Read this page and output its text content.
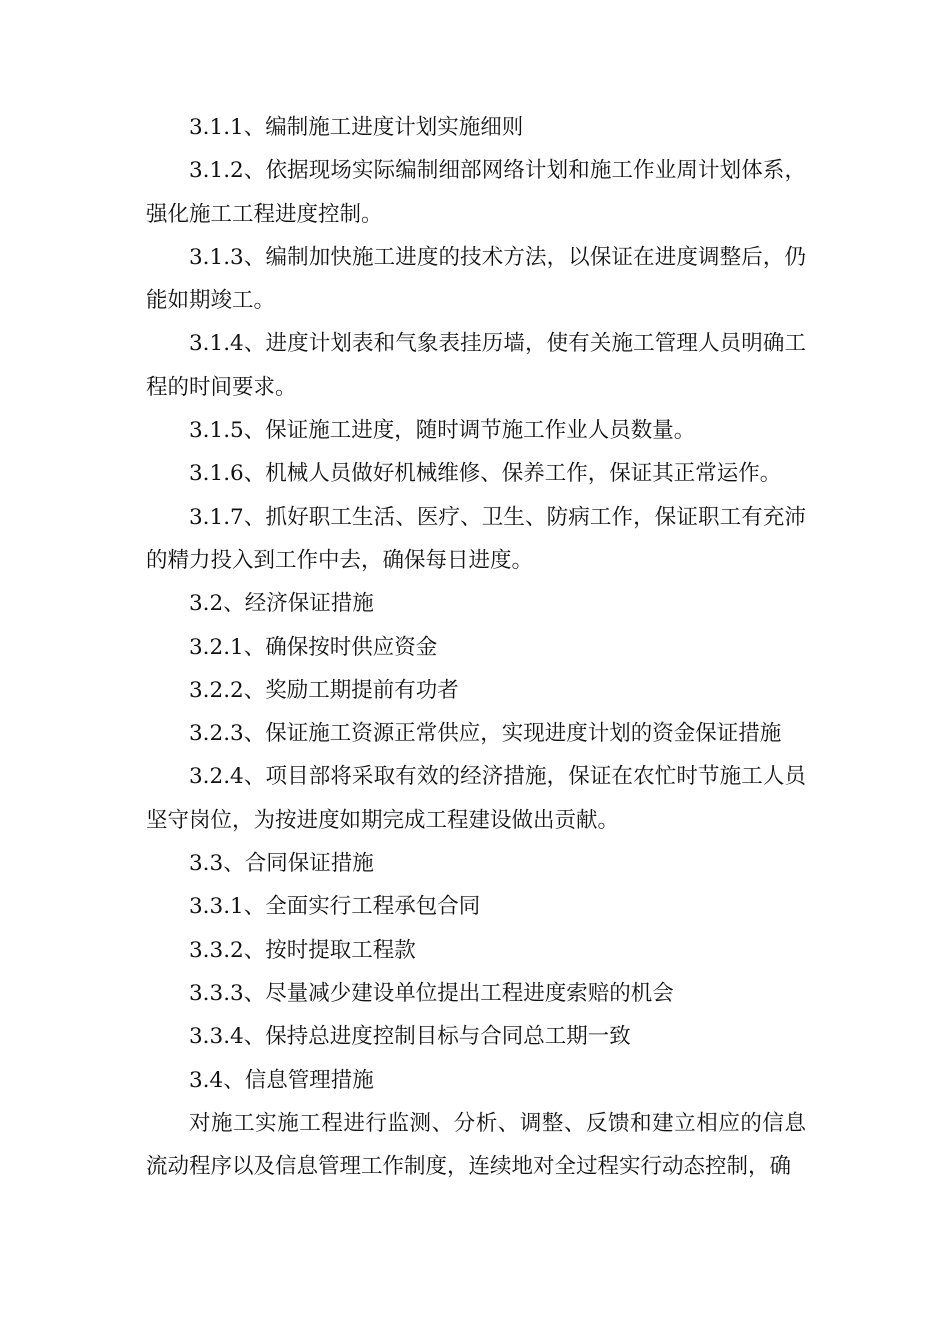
3.1.1、编制施工进度计划实施细则

3.1.2、依据现场实际编制细部网络计划和施工作业周计划体系，强化施工工程进度控制。

3.1.3、编制加快施工进度的技术方法，以保证在进度调整后，仍能如期竣工。

3.1.4、进度计划表和气象表挂历墙，使有关施工管理人员明确工程的时间要求。

3.1.5、保证施工进度，随时调节施工作业人员数量。

3.1.6、机械人员做好机械维修、保养工作，保证其正常运作。

3.1.7、抓好职工生活、医疗、卫生、防病工作，保证职工有充沛的精力投入到工作中去，确保每日进度。

3.2、经济保证措施

3.2.1、确保按时供应资金

3.2.2、奖励工期提前有功者

3.2.3、保证施工资源正常供应，实现进度计划的资金保证措施

3.2.4、项目部将采取有效的经济措施，保证在农忙时节施工人员坚守岗位，为按进度如期完成工程建设做出贡献。

3.3、合同保证措施

3.3.1、全面实行工程承包合同

3.3.2、按时提取工程款

3.3.3、尽量减少建设单位提出工程进度索赔的机会

3.3.4、保持总进度控制目标与合同总工期一致

3.4、信息管理措施

对施工实施工程进行监测、分析、调整、反馈和建立相应的信息流动程序以及信息管理工作制度，连续地对全过程实行动态控制，确
